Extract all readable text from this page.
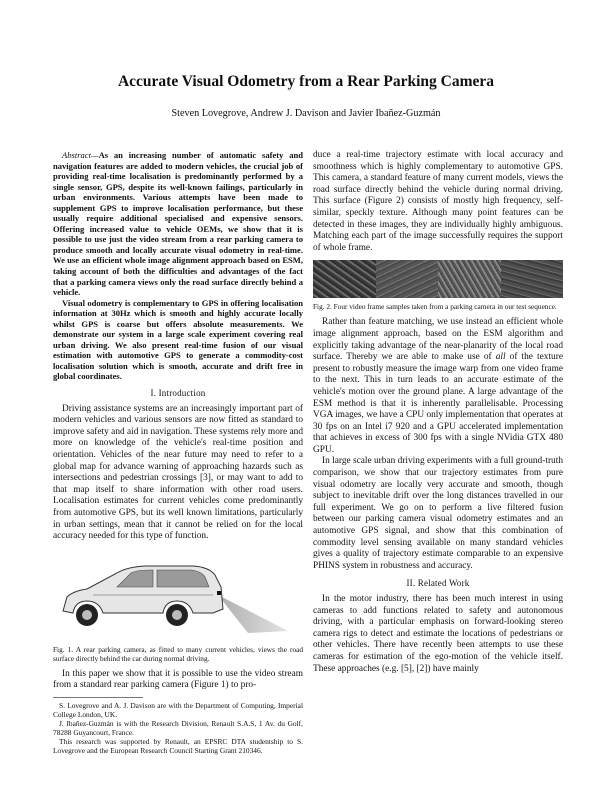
Accurate Visual Odometry from a Rear Parking Camera
Steven Lovegrove, Andrew J. Davison and Javier Ibañez-Guzmán

Abstract—As an increasing number of automatic safety and navigation features are added to modern vehicles, the crucial job of providing real-time localisation is predominantly performed by a single sensor, GPS, despite its well-known failings, particularly in urban environments. Various attempts have been made to supplement GPS to improve localisation performance, but these usually require additional specialised and expensive sensors. Offering increased value to vehicle OEMs, we show that it is possible to use just the video stream from a rear parking camera to produce smooth and locally accurate visual odometry in real-time. We use an efficient whole image alignment approach based on ESM, taking account of both the difficulties and advantages of the fact that a parking camera views only the road surface directly behind a vehicle.

Visual odometry is complementary to GPS in offering localisation information at 30Hz which is smooth and highly accurate locally whilst GPS is coarse but offers absolute measurements. We demonstrate our system in a large scale experiment covering real urban driving. We also present real-time fusion of our visual estimation with automotive GPS to generate a commodity-cost localisation solution which is smooth, accurate and drift free in global coordinates.

I. Introduction

Driving assistance systems are an increasingly important part of modern vehicles and various sensors are now fitted as standard to improve safety and aid in navigation. These systems rely more and more on knowledge of the vehicle's real-time position and orientation. Vehicles of the near future may need to refer to a global map for advance warning of approaching hazards such as intersections and pedestrian crossings [3], or may want to add to that map itself to share information with other road users. Localisation estimates for current vehicles come predominantly from automotive GPS, but its well known limitations, particularly in urban settings, mean that it cannot be relied on for the local accuracy needed for this type of function.

Fig. 1. A rear parking camera, as fitted to many current vehicles, views the road surface directly behind the car during normal driving.

In this paper we show that it is possible to use the video stream from a standard rear parking camera (Figure 1) to pro-

S. Lovegrove and A. J. Davison are with the Department of Computing, Imperial College London, UK.

J. Ibañez-Guzmán is with the Research Division, Renault S.A.S, 1 Av. du Golf, 78288 Guyancourt, France.

This research was supported by Renault, an EPSRC DTA studentship to S. Lovegrove and the European Research Council Starting Grant 210346.

duce a real-time trajectory estimate with local accuracy and smoothness which is highly complementary to automotive GPS. This camera, a standard feature of many current models, views the road surface directly behind the vehicle during normal driving. This surface (Figure 2) consists of mostly high frequency, self-similar, speckly texture. Although many point features can be detected in these images, they are individually highly ambiguous. Matching each part of the image successfully requires the support of whole frame.

Fig. 2. Four video frame samples taken from a parking camera in our test sequence.

Rather than feature matching, we use instead an efficient whole image alignment approach, based on the ESM algorithm and explicitly taking advantage of the near-planarity of the local road surface. Thereby we are able to make use of all of the texture present to robustly measure the image warp from one video frame to the next. This in turn leads to an accurate estimate of the vehicle's motion over the ground plane. A large advantage of the ESM method is that it is inherently parallelisable. Processing VGA images, we have a CPU only implementation that operates at 30 fps on an Intel i7 920 and a GPU accelerated implementation that achieves in excess of 300 fps with a single NVidia GTX 480 GPU.

In large scale urban driving experiments with a full ground-truth comparison, we show that our trajectory estimates from pure visual odometry are locally very accurate and smooth, though subject to inevitable drift over the long distances travelled in our full experiment. We go on to perform a live filtered fusion between our parking camera visual odometry estimates and an automotive GPS signal, and show that this combination of commodity level sensing available on many standard vehicles gives a quality of trajectory estimate comparable to an expensive PHINS system in robustness and accuracy.

II. Related Work

In the motor industry, there has been much interest in using cameras to add functions related to safety and autonomous driving, with a particular emphasis on forward-looking stereo camera rigs to detect and estimate the locations of pedestrians or other vehicles. There have recently been attempts to use these cameras for estimation of the ego-motion of the vehicle itself. These approaches (e.g. [5], [2]) have mainly
